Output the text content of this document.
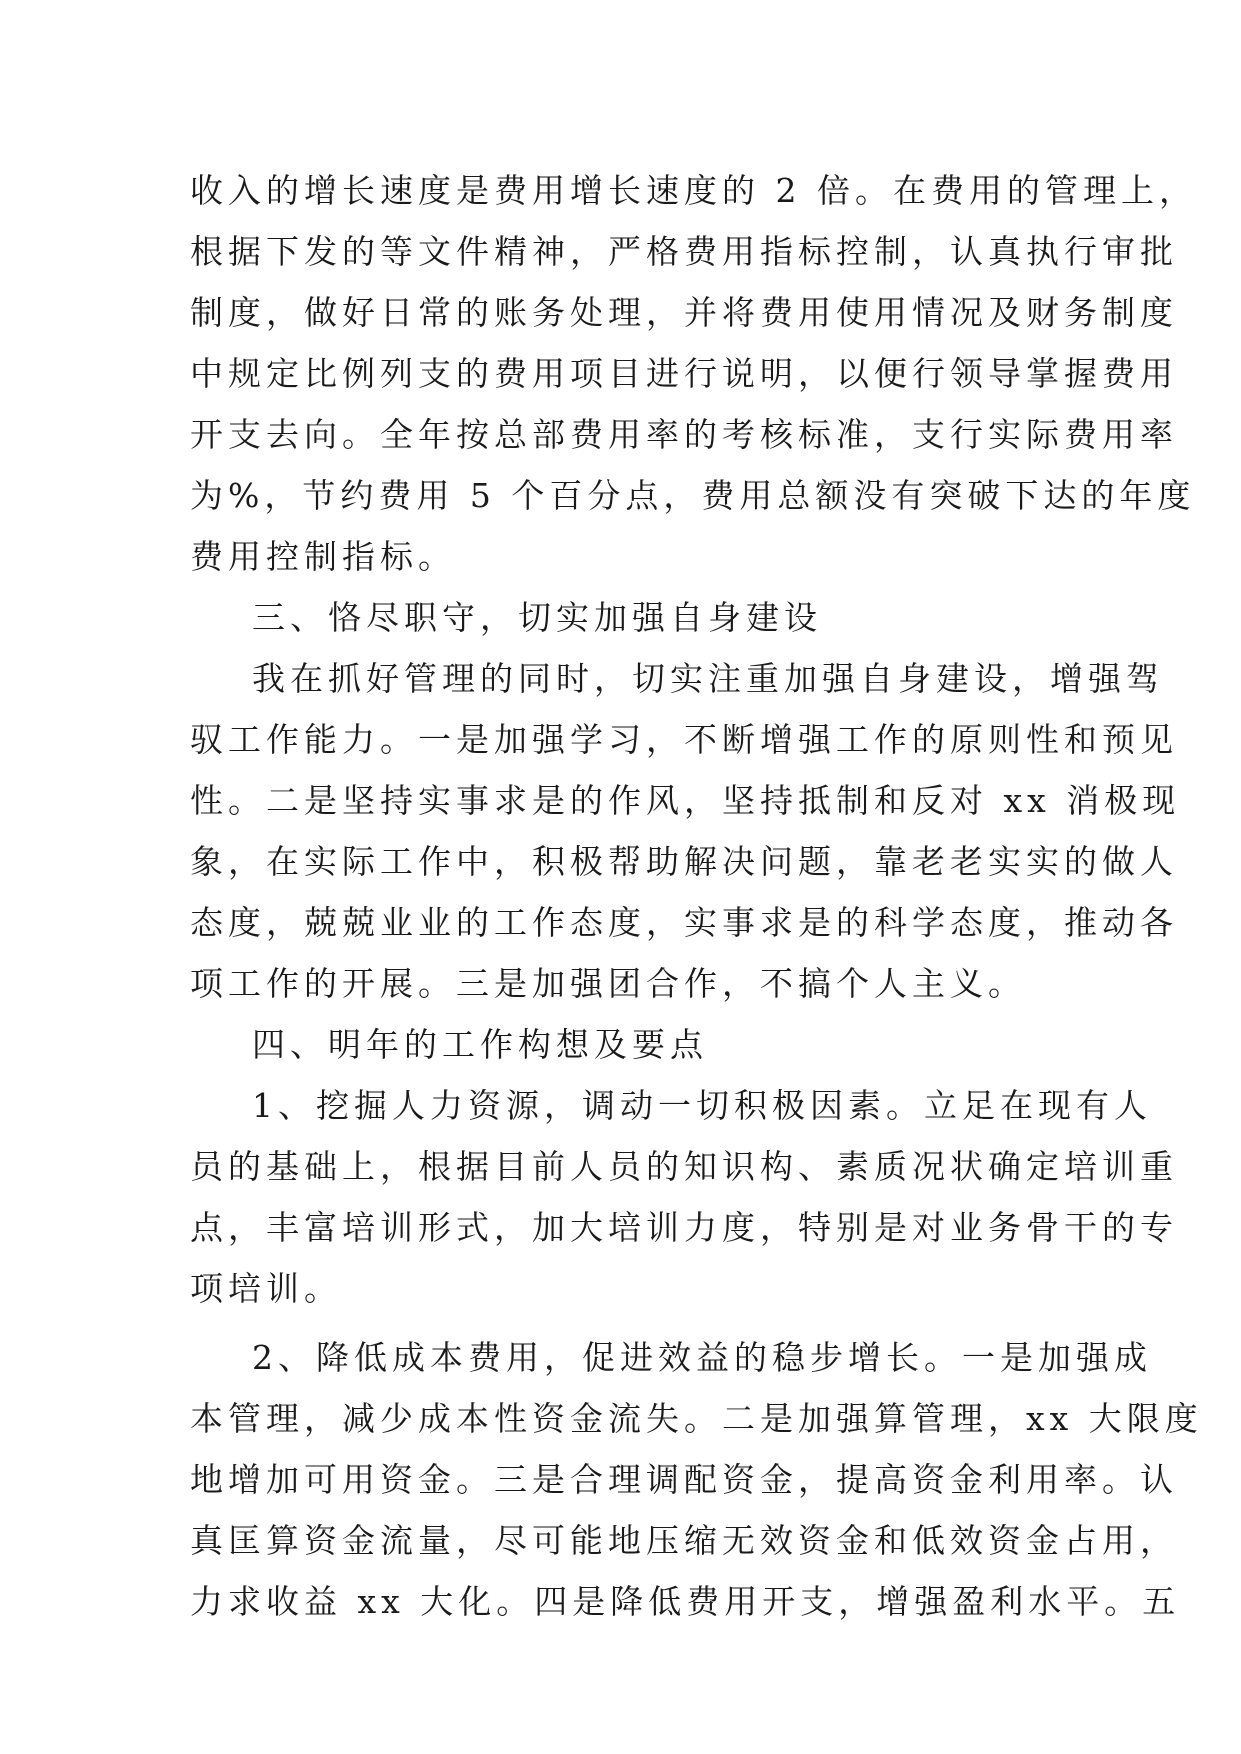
收入的增长速度是费用增长速度的 2 倍。在费用的管理上，
根据下发的等文件精神，严格费用指标控制，认真执行审批
制度，做好日常的账务处理，并将费用使用情况及财务制度
中规定比例列支的费用项目进行说明，以便行领导掌握费用
开支去向。全年按总部费用率的考核标准，支行实际费用率
为%，节约费用 5 个百分点，费用总额没有突破下达的年度
费用控制指标。
三、恪尽职守，切实加强自身建设
我在抓好管理的同时，切实注重加强自身建设，增强驾
驭工作能力。一是加强学习，不断增强工作的原则性和预见
性。二是坚持实事求是的作风，坚持抵制和反对 xx 消极现
象，在实际工作中，积极帮助解决问题，靠老老实实的做人
态度，兢兢业业的工作态度，实事求是的科学态度，推动各
项工作的开展。三是加强团合作，不搞个人主义。
四、明年的工作构想及要点
1、挖掘人力资源，调动一切积极因素。立足在现有人
员的基础上，根据目前人员的知识构、素质况状确定培训重
点，丰富培训形式，加大培训力度，特别是对业务骨干的专
项培训。
2、降低成本费用，促进效益的稳步增长。一是加强成
本管理，减少成本性资金流失。二是加强算管理，xx 大限度
地增加可用资金。三是合理调配资金，提高资金利用率。认
真匡算资金流量，尽可能地压缩无效资金和低效资金占用，
力求收益 xx 大化。四是降低费用开支，增强盈利水平。五
